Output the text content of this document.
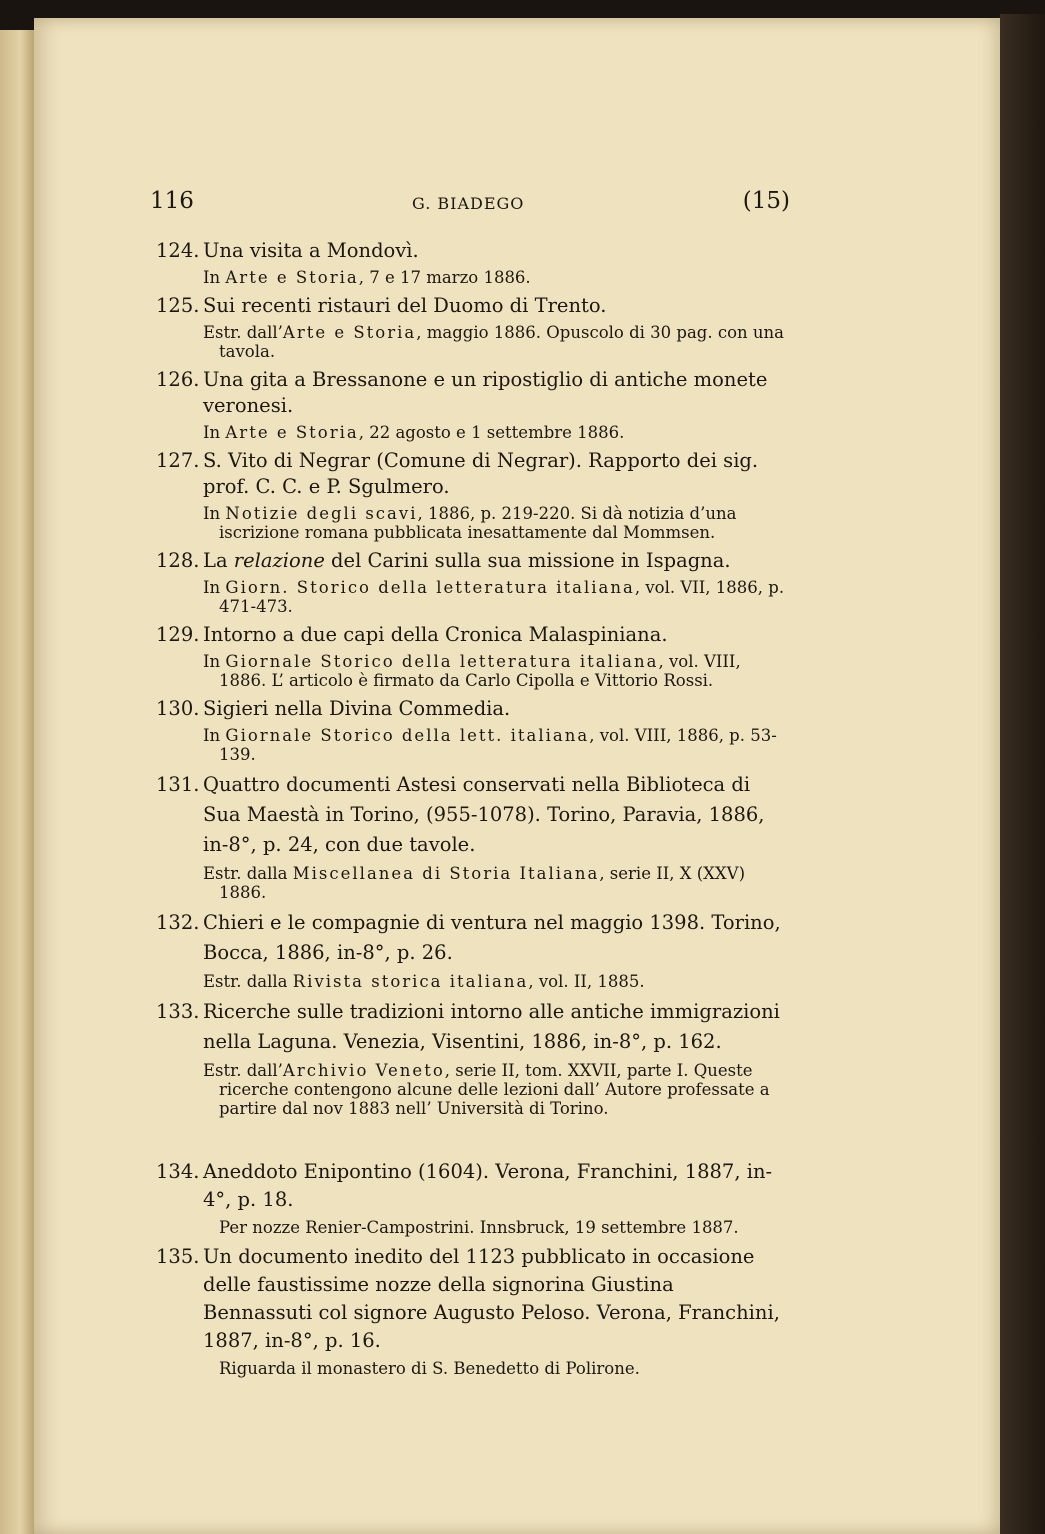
116	G. BIADEGO	(15)

124. Una visita a Mondovì.

In Arte e Storia, 7 e 17 marzo 1886.

125. Sui recenti ristauri del Duomo di Trento.

Estr. dall’Arte e Storia, maggio 1886. Opuscolo di 30 pag. con una tavola.

126. Una gita a Bressanone e un ripostiglio di antiche monete veronesi.

In Arte e Storia, 22 agosto e 1 settembre 1886.

127. S. Vito di Negrar (Comune di Negrar). Rapporto dei sig. prof. C. C. e P. Sgulmero.

In Notizie degli scavi, 1886, p. 219-220. Si dà notizia d’una iscrizione romana pubblicata inesattamente dal Mommsen.

128. La relazione del Carini sulla sua missione in Ispagna.

In Giorn. Storico della letteratura italiana, vol. VII, 1886, p. 471-473.

129. Intorno a due capi della Cronica Malaspiniana.

In Giornale Storico della letteratura italiana, vol. VIII, 1886. L’ articolo è firmato da Carlo Cipolla e Vittorio Rossi.

130. Sigieri nella Divina Commedia.

In Giornale Storico della lett. italiana, vol. VIII, 1886, p. 53-139.

131. Quattro documenti Astesi conservati nella Biblioteca di Sua Maestà in Torino, (955-1078). Torino, Paravia, 1886, in-8°, p. 24, con due tavole.

Estr. dalla Miscellanea di Storia Italiana, serie II, X (XXV) 1886.

132. Chieri e le compagnie di ventura nel maggio 1398. Torino, Bocca, 1886, in-8°, p. 26.

Estr. dalla Rivista storica italiana, vol. II, 1885.

133. Ricerche sulle tradizioni intorno alle antiche immigrazioni nella Laguna. Venezia, Visentini, 1886, in-8°, p. 162.

Estr. dall’Archivio Veneto, serie II, tom. XXVII, parte I. Queste ricerche contengono alcune delle lezioni dall’ Autore professate a partire dal nov 1883 nell’ Università di Torino.

134. Aneddoto Enipontino (1604). Verona, Franchini, 1887, in-4°, p. 18.

Per nozze Renier-Campostrini. Innsbruck, 19 settembre 1887.

135. Un documento inedito del 1123 pubblicato in occasione delle faustissime nozze della signorina Giustina Bennassuti col signore Augusto Peloso. Verona, Franchini, 1887, in-8°, p. 16.

Riguarda il monastero di S. Benedetto di Polirone.
